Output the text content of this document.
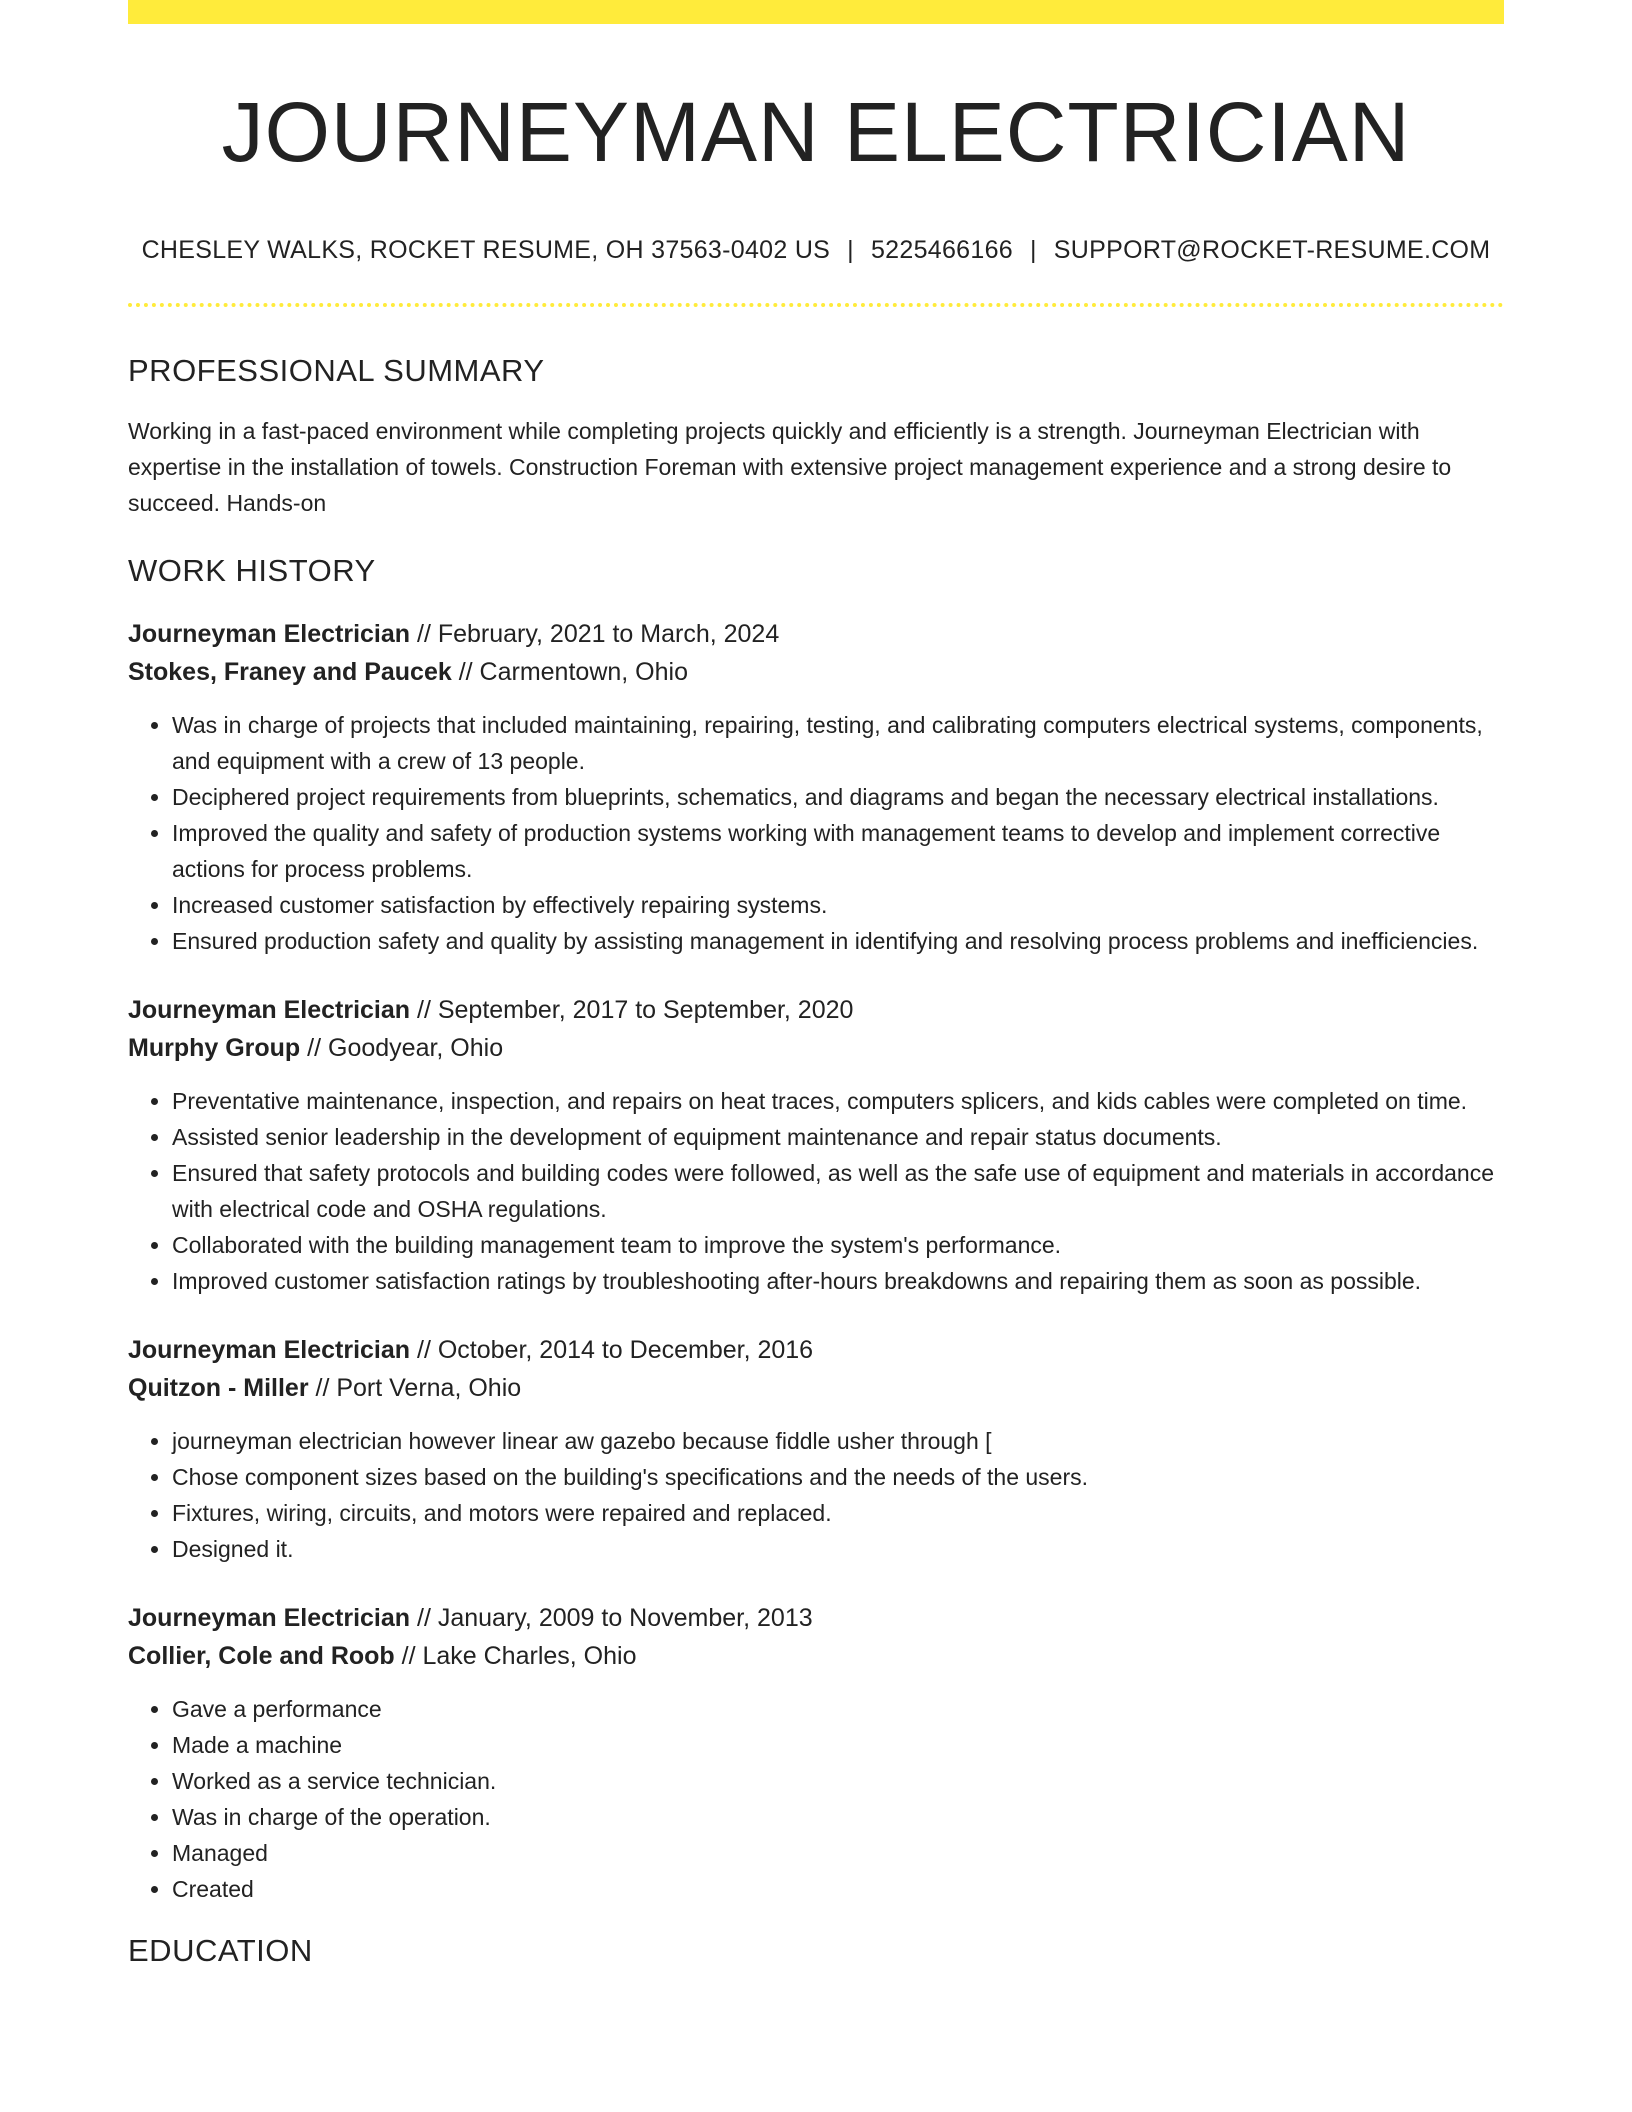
JOURNEYMAN ELECTRICIAN
CHESLEY WALKS, ROCKET RESUME, OH 37563-0402 US | 5225466166 | SUPPORT@ROCKET-RESUME.COM
PROFESSIONAL SUMMARY

Working in a fast-paced environment while completing projects quickly and efficiently is a strength. Journeyman Electrician with expertise in the installation of towels. Construction Foreman with extensive project management experience and a strong desire to succeed. Hands-on

WORK HISTORY
Journeyman Electrician // February, 2021 to March, 2024
Stokes, Franey and Paucek // Carmentown, Ohio
• Was in charge of projects that included maintaining, repairing, testing, and calibrating computers electrical systems, components, and equipment with a crew of 13 people.
• Deciphered project requirements from blueprints, schematics, and diagrams and began the necessary electrical installations.
• Improved the quality and safety of production systems working with management teams to develop and implement corrective actions for process problems.
• Increased customer satisfaction by effectively repairing systems.
• Ensured production safety and quality by assisting management in identifying and resolving process problems and inefficiencies.
Journeyman Electrician // September, 2017 to September, 2020
Murphy Group // Goodyear, Ohio
• Preventative maintenance, inspection, and repairs on heat traces, computers splicers, and kids cables were completed on time.
• Assisted senior leadership in the development of equipment maintenance and repair status documents.
• Ensured that safety protocols and building codes were followed, as well as the safe use of equipment and materials in accordance with electrical code and OSHA regulations.
• Collaborated with the building management team to improve the system's performance.
• Improved customer satisfaction ratings by troubleshooting after-hours breakdowns and repairing them as soon as possible.
Journeyman Electrician // October, 2014 to December, 2016
Quitzon - Miller // Port Verna, Ohio
• journeyman electrician however linear aw gazebo because fiddle usher through [
• Chose component sizes based on the building's specifications and the needs of the users.
• Fixtures, wiring, circuits, and motors were repaired and replaced.
• Designed it.
Journeyman Electrician // January, 2009 to November, 2013
Collier, Cole and Roob // Lake Charles, Ohio
• Gave a performance
• Made a machine
• Worked as a service technician.
• Was in charge of the operation.
• Managed
• Created
EDUCATION
